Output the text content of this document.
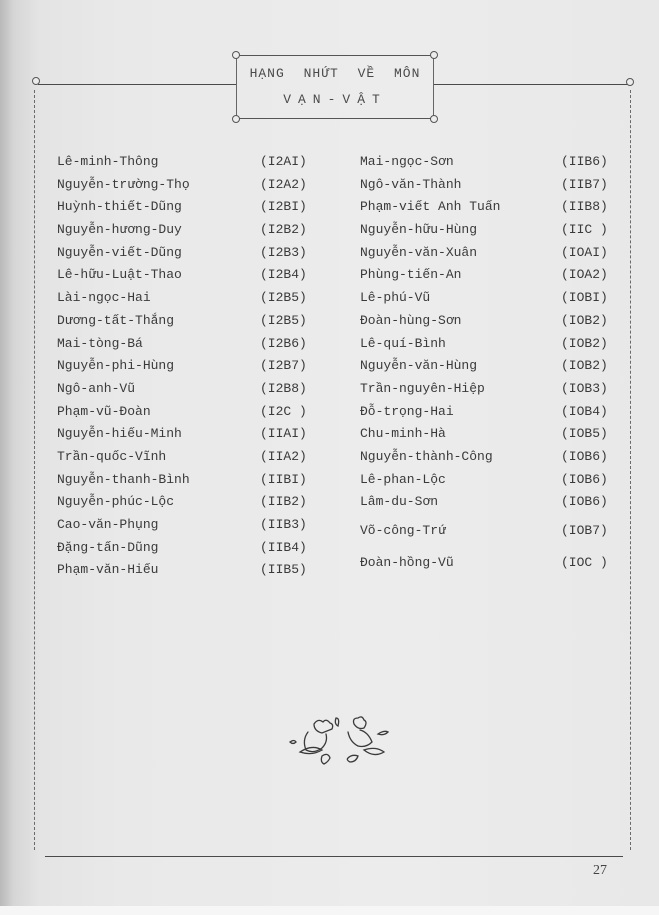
HẠNG NHỨT VỀ MÔN
VẠN-VẬT
Lê-minh-Thông	(I2AI)
Nguyễn-trường-Thọ	(I2A2)
Huỳnh-thiết-Dũng	(I2BI)
Nguyễn-hương-Duy	(I2B2)
Nguyễn-viết-Dũng	(I2B3)
Lê-hữu-Luật-Thao	(I2B4)
Lài-ngọc-Hai	(I2B5)
Dương-tất-Thắng	(I2B5)
Mai-tòng-Bá	(I2B6)
Nguyễn-phi-Hùng	(I2B7)
Ngô-anh-Vũ	(I2B8)
Phạm-vũ-Đoàn	(I2C )
Nguyễn-hiếu-Minh	(IIAI)
Trần-quốc-Vĩnh	(IIA2)
Nguyễn-thanh-Bình	(IIBI)
Nguyễn-phúc-Lộc	(IIB2)
Cao-văn-Phụng	(IIB3)
Đặng-tấn-Dũng	(IIB4)
Phạm-văn-Hiếu	(IIB5)
Mai-ngọc-Sơn	(IIB6)
Ngô-văn-Thành	(IIB7)
Phạm-viết Anh Tuấn	(IIB8)
Nguyễn-hữu-Hùng	(IIC )
Nguyễn-văn-Xuân	(IOAI)
Phùng-tiến-An	(IOA2)
Lê-phú-Vũ	(IOBI)
Đoàn-hùng-Sơn	(IOB2)
Lê-quí-Bình	(IOB2)
Nguyễn-văn-Hùng	(IOB2)
Trần-nguyên-Hiệp	(IOB3)
Đỗ-trọng-Hai	(IOB4)
Chu-minh-Hà	(IOB5)
Nguyễn-thành-Công	(IOB6)
Lê-phan-Lộc	(IOB6)
Lâm-du-Sơn	(IOB6)
Võ-công-Trứ	(IOB7)
Đoàn-hồng-Vũ	(IOC )
27
